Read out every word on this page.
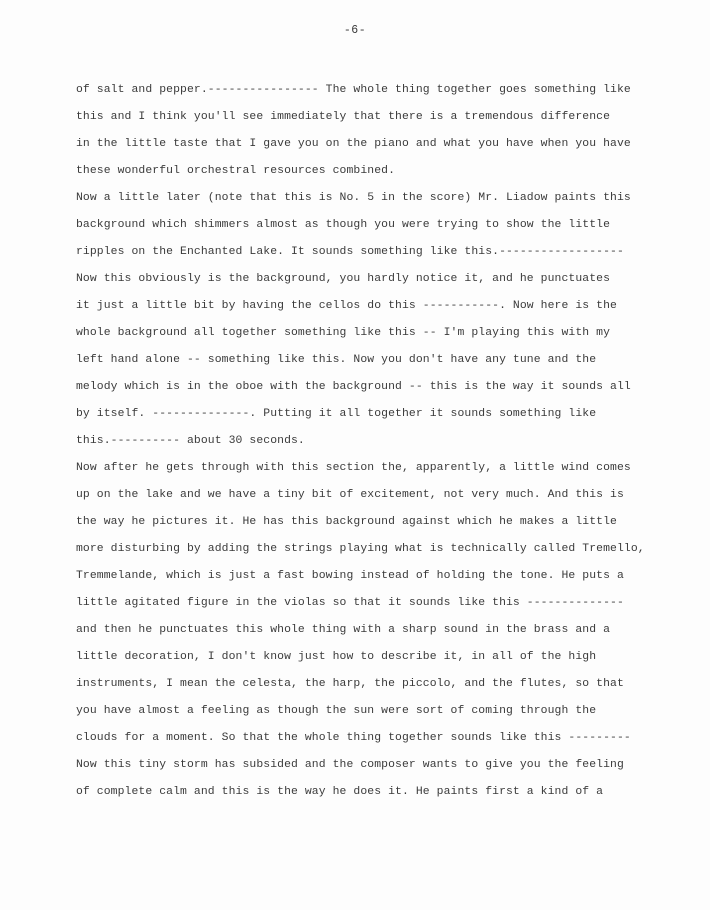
-6-
of salt and pepper.---------------- The whole thing together goes something like
this and I think you'll see immediately that there is a tremendous difference
in the little taste that I gave you on the piano and what you have when you have
these wonderful orchestral resources combined.
Now a little later (note that this is No. 5 in the score) Mr. Liadow paints this
background which shimmers almost as though you were trying to show the little
ripples on the Enchanted Lake. It sounds something like this.------------------
Now this obviously is the background, you hardly notice it, and he punctuates
it just a little bit by having the cellos do this -----------. Now here is the
whole background all together something like this -- I'm playing this with my
left hand alone -- something like this. Now you don't have any tune and the
melody which is in the oboe with the background -- this is the way it sounds all
by itself. --------------. Putting it all together it sounds something like
this.---------- about 30 seconds.
Now after he gets through with this section the, apparently, a little wind comes
up on the lake and we have a tiny bit of excitement, not very much. And this is
the way he pictures it. He has this background against which he makes a little
more disturbing by adding the strings playing what is technically called Tremello,
Tremmelande, which is just a fast bowing instead of holding the tone. He puts a
little agitated figure in the violas so that it sounds like this --------------
and then he punctuates this whole thing with a sharp sound in the brass and a
little decoration, I don't know just how to describe it, in all of the high
instruments, I mean the celesta, the harp, the piccolo, and the flutes, so that
you have almost a feeling as though the sun were sort of coming through the
clouds for a moment. So that the whole thing together sounds like this ---------
Now this tiny storm has subsided and the composer wants to give you the feeling
of complete calm and this is the way he does it. He paints first a kind of a
